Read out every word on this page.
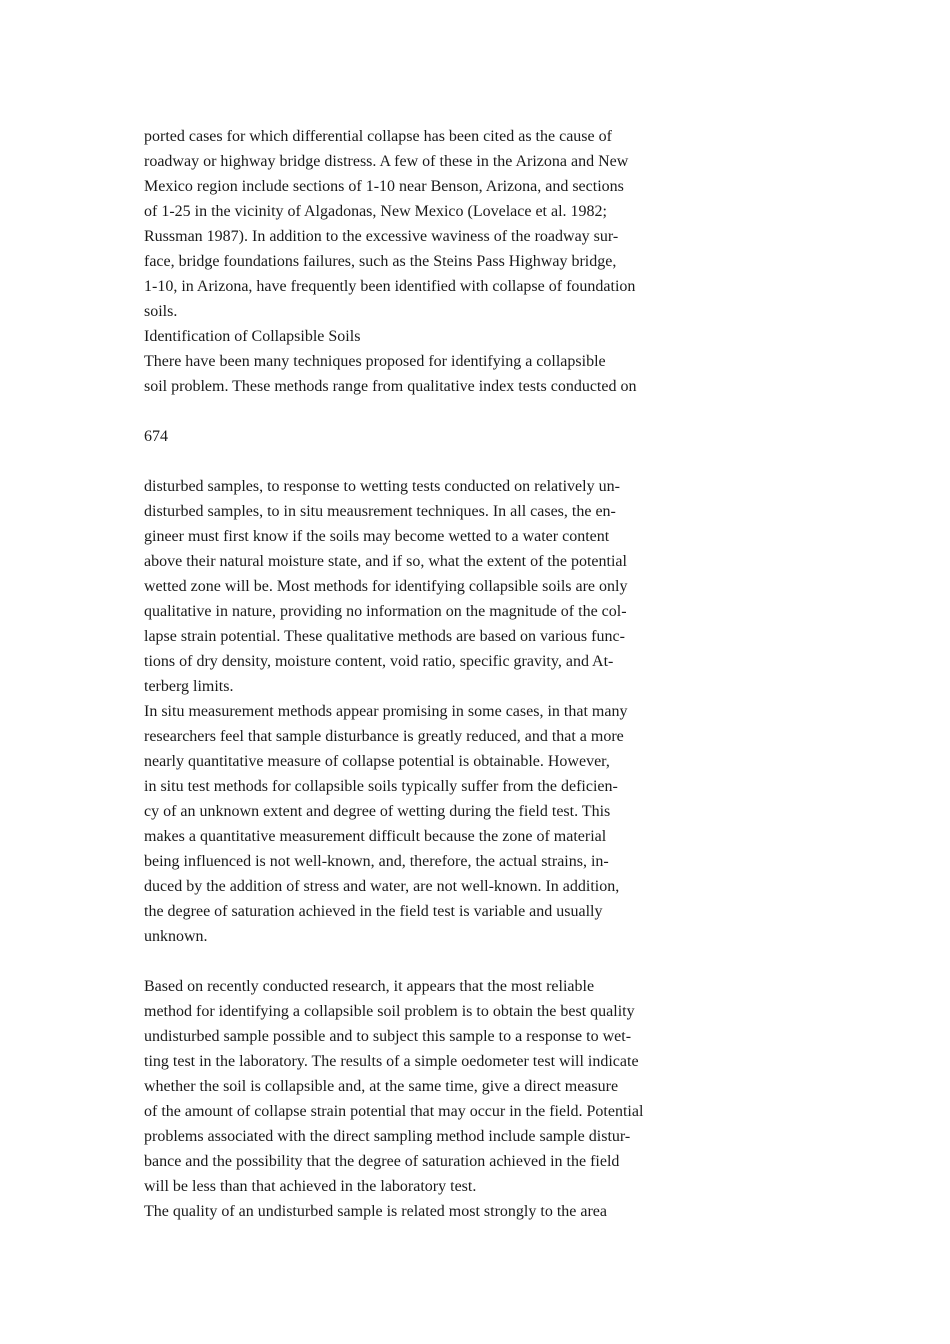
ported cases for which differential collapse has been cited as the cause of
roadway or highway bridge distress. A few of these in the Arizona and New
Mexico region include sections of 1-10 near Benson, Arizona, and sections
of 1-25 in the vicinity of Algadonas, New Mexico (Lovelace et al. 1982;
Russman 1987). In addition to the excessive waviness of the roadway sur-
face, bridge foundations failures, such as the Steins Pass Highway bridge,
1-10, in Arizona, have frequently been identified with collapse of foundation
soils.
Identification of Collapsible Soils
There have been many techniques proposed for identifying a collapsible
soil problem. These methods range from qualitative index tests conducted on
674
disturbed samples, to response to wetting tests conducted on relatively un-
disturbed samples, to in situ meausrement techniques. In all cases, the en-
gineer must first know if the soils may become wetted to a water content
above their natural moisture state, and if so, what the extent of the potential
wetted zone will be. Most methods for identifying collapsible soils are only
qualitative in nature, providing no information on the magnitude of the col-
lapse strain potential. These qualitative methods are based on various func-
tions of dry density, moisture content, void ratio, specific gravity, and At-
terberg limits.
In situ measurement methods appear promising in some cases, in that many
researchers feel that sample disturbance is greatly reduced, and that a more
nearly quantitative measure of collapse potential is obtainable. However,
in situ test methods for collapsible soils typically suffer from the deficien-
cy of an unknown extent and degree of wetting during the field test. This
makes a quantitative measurement difficult because the zone of material
being influenced is not well-known, and, therefore, the actual strains, in-
duced by the addition of stress and water, are not well-known. In addition,
the degree of saturation achieved in the field test is variable and usually
unknown.
Based on recently conducted research, it appears that the most reliable
method for identifying a collapsible soil problem is to obtain the best quality
undisturbed sample possible and to subject this sample to a response to wet-
ting test in the laboratory. The results of a simple oedometer test will indicate
whether the soil is collapsible and, at the same time, give a direct measure
of the amount of collapse strain potential that may occur in the field. Potential
problems associated with the direct sampling method include sample distur-
bance and the possibility that the degree of saturation achieved in the field
will be less than that achieved in the laboratory test.
The quality of an undisturbed sample is related most strongly to the area
